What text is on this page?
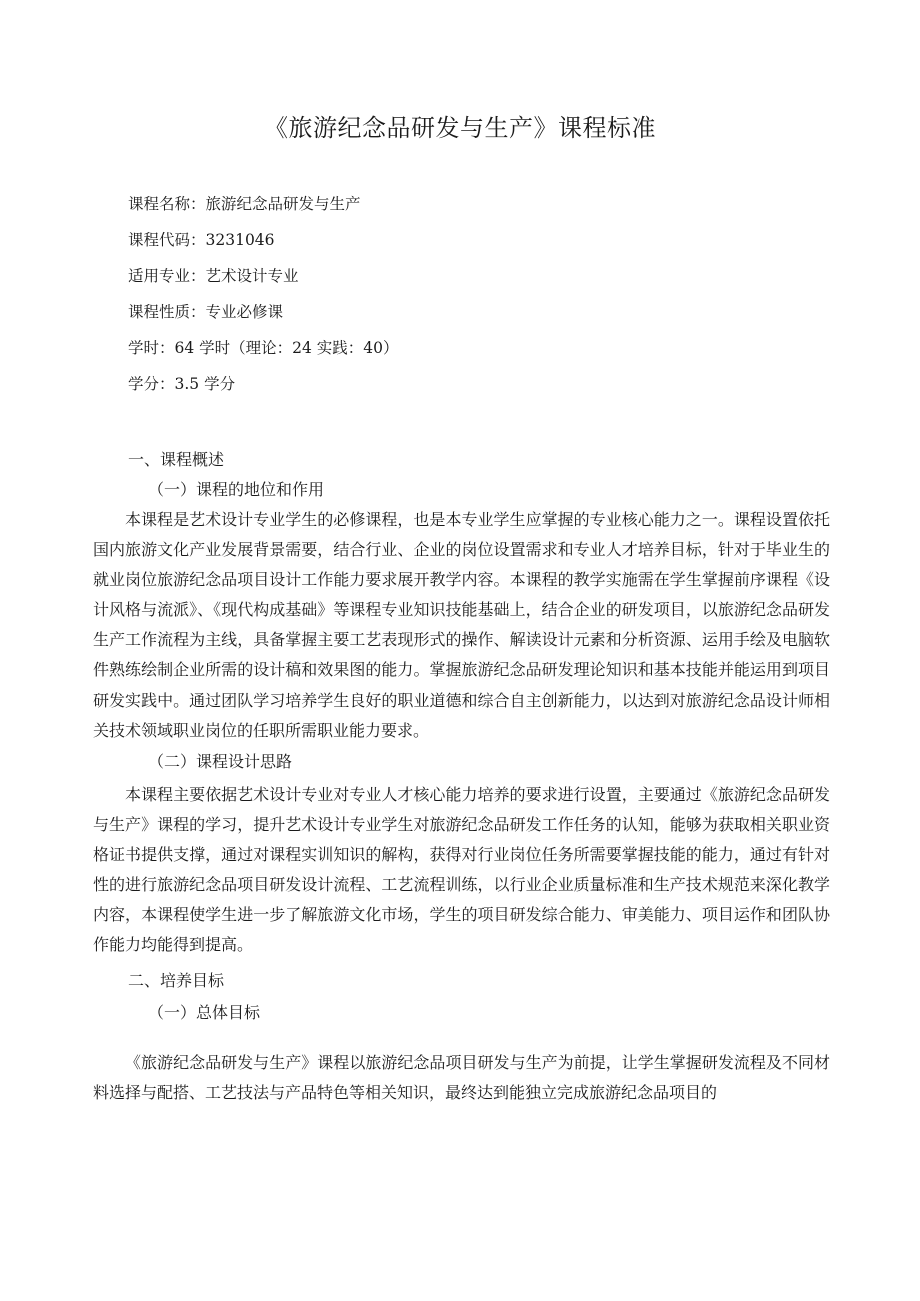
《旅游纪念品研发与生产》课程标准
课程名称：旅游纪念品研发与生产
课程代码：3231046
适用专业：艺术设计专业
课程性质：专业必修课
学时：64 学时（理论：24 实践：40）
学分：3.5 学分
一、课程概述
（一）课程的地位和作用

本课程是艺术设计专业学生的必修课程，也是本专业学生应掌握的专业核心能力之一。课程设置依托国内旅游文化产业发展背景需要，结合行业、企业的岗位设置需求和专业人才培养目标，针对于毕业生的就业岗位旅游纪念品项目设计工作能力要求展开教学内容。本课程的教学实施需在学生掌握前序课程《设计风格与流派》、《现代构成基础》等课程专业知识技能基础上，结合企业的研发项目，以旅游纪念品研发生产工作流程为主线，具备掌握主要工艺表现形式的操作、解读设计元素和分析资源、运用手绘及电脑软件熟练绘制企业所需的设计稿和效果图的能力。掌握旅游纪念品研发理论知识和基本技能并能运用到项目研发实践中。通过团队学习培养学生良好的职业道德和综合自主创新能力，以达到对旅游纪念品设计师相关技术领域职业岗位的任职所需职业能力要求。

（二）课程设计思路

本课程主要依据艺术设计专业对专业人才核心能力培养的要求进行设置，主要通过《旅游纪念品研发与生产》课程的学习，提升艺术设计专业学生对旅游纪念品研发工作任务的认知，能够为获取相关职业资格证书提供支撑，通过对课程实训知识的解构，获得对行业岗位任务所需要掌握技能的能力，通过有针对性的进行旅游纪念品项目研发设计流程、工艺流程训练，以行业企业质量标准和生产技术规范来深化教学内容，本课程使学生进一步了解旅游文化市场，学生的项目研发综合能力、审美能力、项目运作和团队协作能力均能得到提高。

二、培养目标
（一）总体目标

《旅游纪念品研发与生产》课程以旅游纪念品项目研发与生产为前提，让学生掌握研发流程及不同材料选择与配搭、工艺技法与产品特色等相关知识，最终达到能独立完成旅游纪念品项目的
